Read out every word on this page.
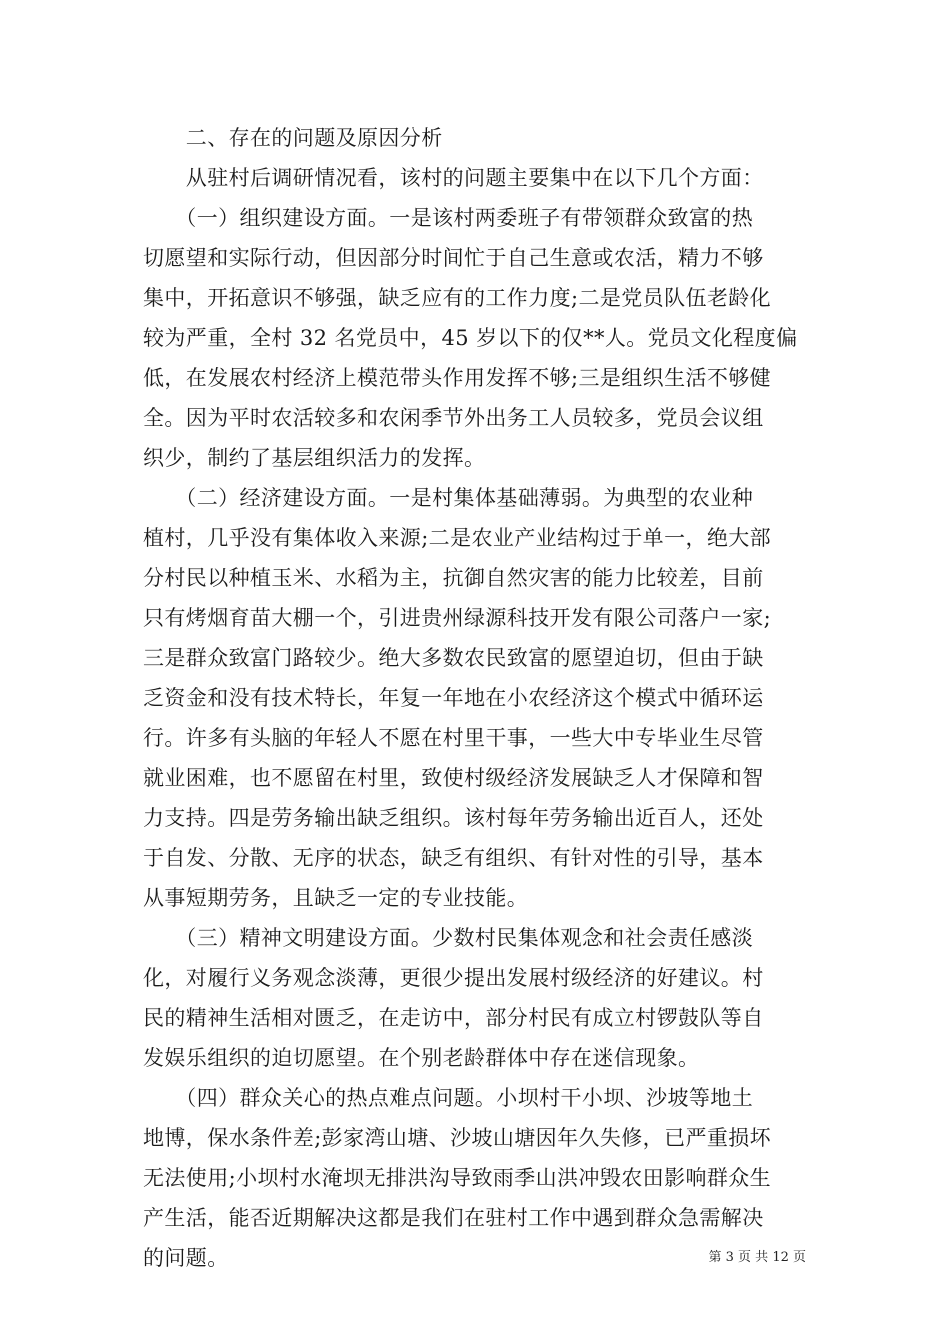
　　二、存在的问题及原因分析
　　从驻村后调研情况看，该村的问题主要集中在以下几个方面：
　　（一）组织建设方面。一是该村两委班子有带领群众致富的热
切愿望和实际行动，但因部分时间忙于自己生意或农活，精力不够
集中，开拓意识不够强，缺乏应有的工作力度;二是党员队伍老龄化
较为严重，全村 32 名党员中，45 岁以下的仅**人。党员文化程度偏
低，在发展农村经济上模范带头作用发挥不够;三是组织生活不够健
全。因为平时农活较多和农闲季节外出务工人员较多，党员会议组
织少，制约了基层组织活力的发挥。
　　（二）经济建设方面。一是村集体基础薄弱。为典型的农业种
植村，几乎没有集体收入来源;二是农业产业结构过于单一，绝大部
分村民以种植玉米、水稻为主，抗御自然灾害的能力比较差，目前
只有烤烟育苗大棚一个，引进贵州绿源科技开发有限公司落户一家;
三是群众致富门路较少。绝大多数农民致富的愿望迫切，但由于缺
乏资金和没有技术特长，年复一年地在小农经济这个模式中循环运
行。许多有头脑的年轻人不愿在村里干事，一些大中专毕业生尽管
就业困难，也不愿留在村里，致使村级经济发展缺乏人才保障和智
力支持。四是劳务输出缺乏组织。该村每年劳务输出近百人，还处
于自发、分散、无序的状态，缺乏有组织、有针对性的引导，基本
从事短期劳务，且缺乏一定的专业技能。
　　（三）精神文明建设方面。少数村民集体观念和社会责任感淡
化，对履行义务观念淡薄，更很少提出发展村级经济的好建议。村
民的精神生活相对匮乏，在走访中，部分村民有成立村锣鼓队等自
发娱乐组织的迫切愿望。在个别老龄群体中存在迷信现象。
　　（四）群众关心的热点难点问题。小坝村干小坝、沙坡等地土
地博，保水条件差;彭家湾山塘、沙坡山塘因年久失修，已严重损坏
无法使用;小坝村水淹坝无排洪沟导致雨季山洪冲毁农田影响群众生
产生活，能否近期解决这都是我们在驻村工作中遇到群众急需解决
的问题。	第 3 页 共 12 页
